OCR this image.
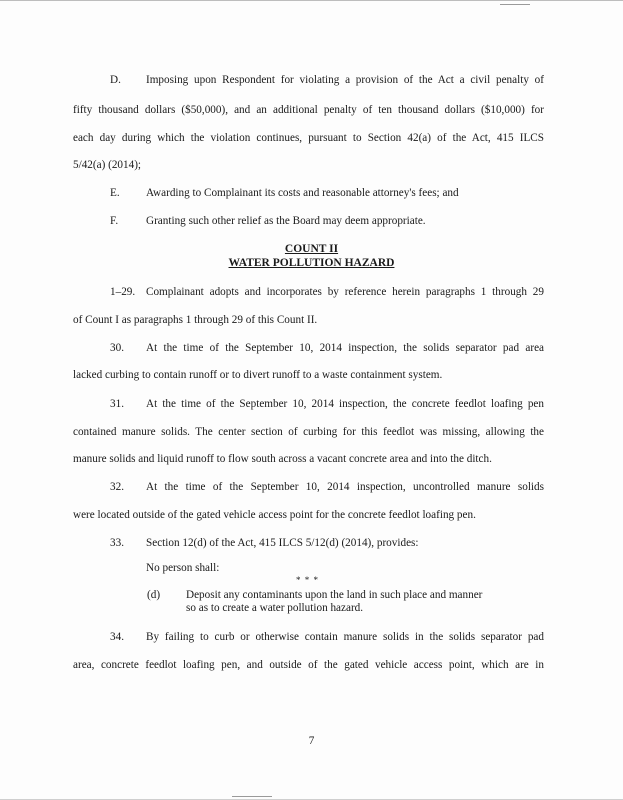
D. Imposing upon Respondent for violating a provision of the Act a civil penalty of
fifty thousand dollars ($50,000), and an additional penalty of ten thousand dollars ($10,000) for
each day during which the violation continues, pursuant to Section 42(a) of the Act, 415 ILCS
5/42(a) (2014);
E. Awarding to Complainant its costs and reasonable attorney's fees; and
F. Granting such other relief as the Board may deem appropriate.
COUNT II
WATER POLLUTION HAZARD
1–29. Complainant adopts and incorporates by reference herein paragraphs 1 through 29
of Count I as paragraphs 1 through 29 of this Count II.
30. At the time of the September 10, 2014 inspection, the solids separator pad area
lacked curbing to contain runoff or to divert runoff to a waste containment system.
31. At the time of the September 10, 2014 inspection, the concrete feedlot loafing pen
contained manure solids. The center section of curbing for this feedlot was missing, allowing the
manure solids and liquid runoff to flow south across a vacant concrete area and into the ditch.
32. At the time of the September 10, 2014 inspection, uncontrolled manure solids
were located outside of the gated vehicle access point for the concrete feedlot loafing pen.
33. Section 12(d) of the Act, 415 ILCS 5/12(d) (2014), provides:
No person shall:
* * *
(d) Deposit any contaminants upon the land in such place and manner
so as to create a water pollution hazard.
34. By failing to curb or otherwise contain manure solids in the solids separator pad
area, concrete feedlot loafing pen, and outside of the gated vehicle access point, which are in
7
